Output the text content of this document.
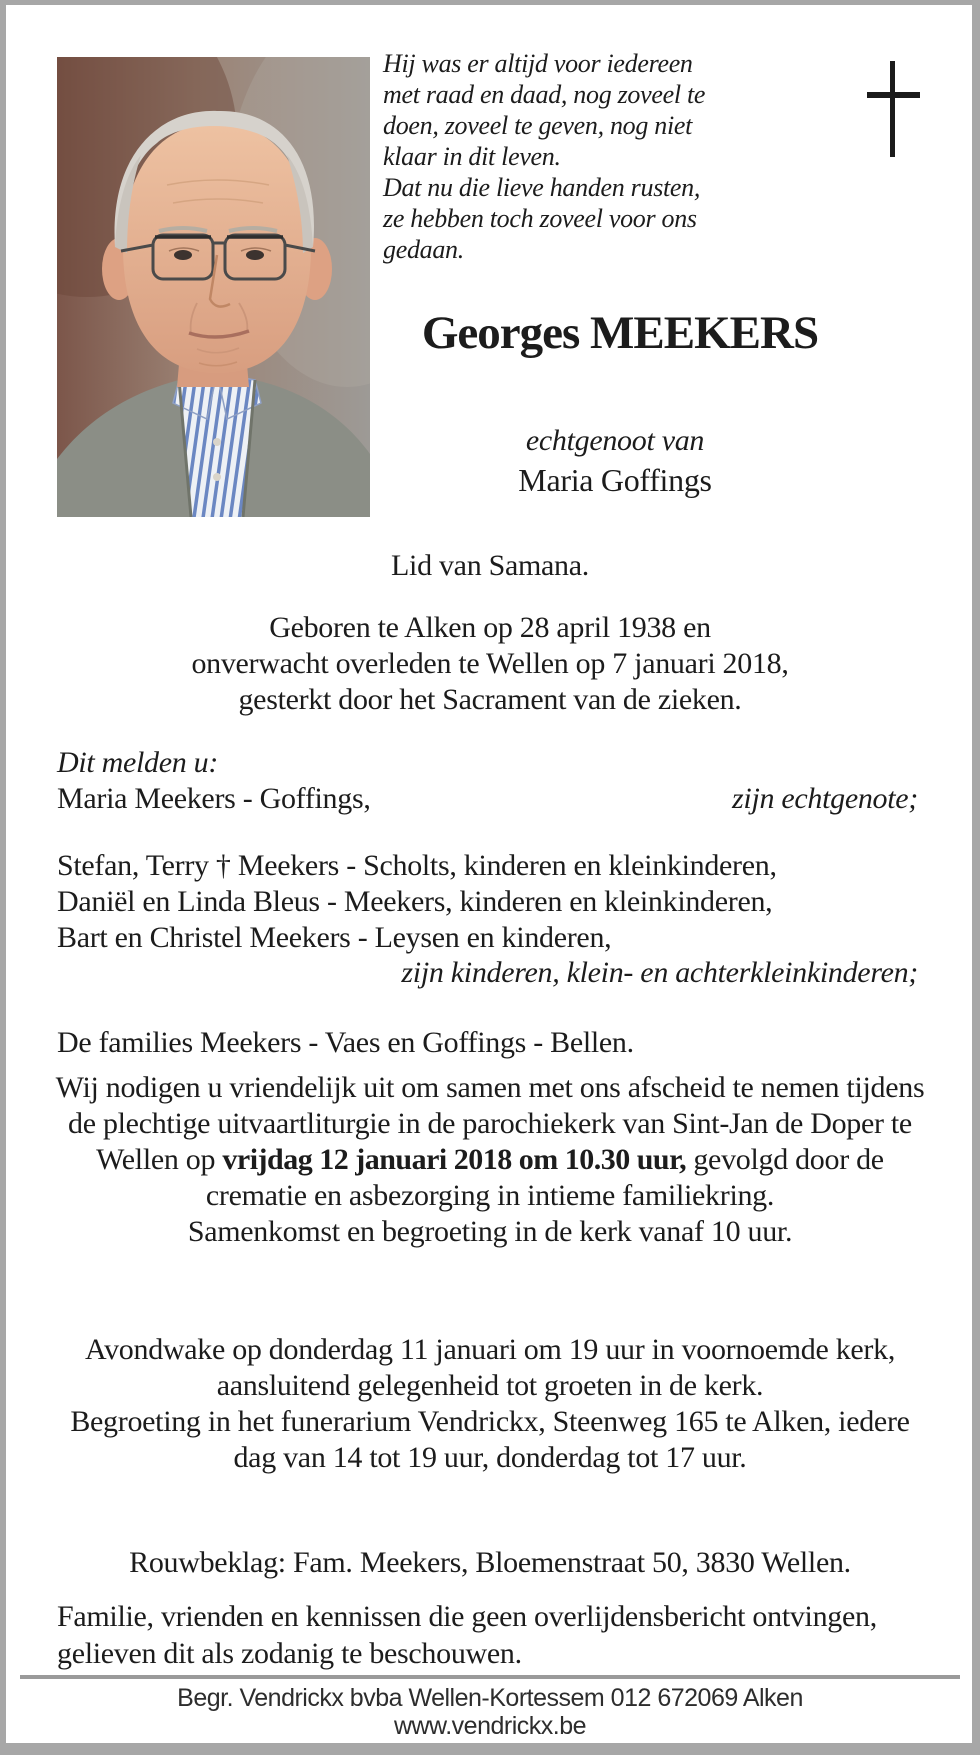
Hij was er altijd voor iedereen
met raad en daad, nog zoveel te
doen, zoveel te geven, nog niet
klaar in dit leven.
Dat nu die lieve handen rusten,
ze hebben toch zoveel voor ons
gedaan.
Georges MEEKERS
echtgenoot van
Maria Goffings
Lid van Samana.
Geboren te Alken op 28 april 1938 en
onverwacht overleden te Wellen op 7 januari 2018,
gesterkt door het Sacrament van de zieken.
Dit melden u:
Maria Meekers - Goffings,	zijn echtgenote;
Stefan, Terry † Meekers - Scholts, kinderen en kleinkinderen,
Daniël en Linda Bleus - Meekers, kinderen en kleinkinderen,
Bart en Christel Meekers - Leysen en kinderen,
zijn kinderen, klein- en achterkleinkinderen;
De families Meekers - Vaes en Goffings - Bellen.
Wij nodigen u vriendelijk uit om samen met ons afscheid te nemen tijdens de plechtige uitvaartliturgie in de parochiekerk van Sint-Jan de Doper te Wellen op vrijdag 12 januari 2018 om 10.30 uur, gevolgd door de crematie en asbezorging in intieme familiekring.
Samenkomst en begroeting in de kerk vanaf 10 uur.
Avondwake op donderdag 11 januari om 19 uur in voornoemde kerk, aansluitend gelegenheid tot groeten in de kerk.
Begroeting in het funerarium Vendrickx, Steenweg 165 te Alken, iedere dag van 14 tot 19 uur, donderdag tot 17 uur.
Rouwbeklag: Fam. Meekers, Bloemenstraat 50, 3830 Wellen.
Familie, vrienden en kennissen die geen overlijdensbericht ontvingen, gelieven dit als zodanig te beschouwen.
Begr. Vendrickx bvba Wellen-Kortessem 012 672069 Alken
www.vendrickx.be
